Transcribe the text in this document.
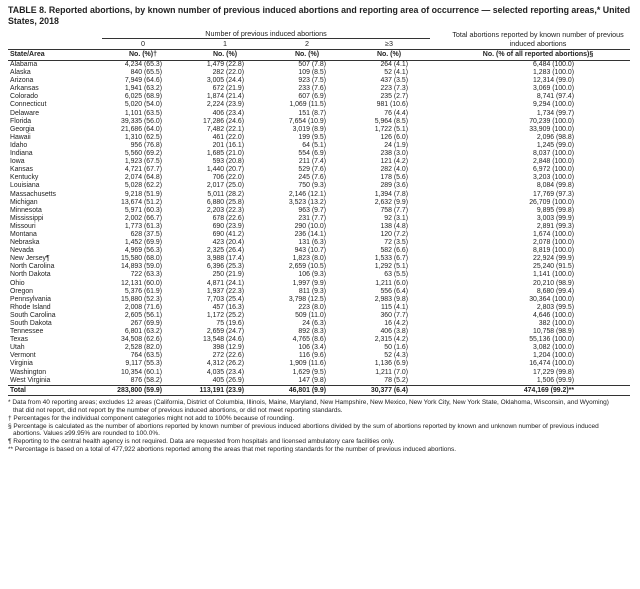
TABLE 8. Reported abortions, by known number of previous induced abortions and reporting area of occurrence — selected reporting areas,* United States, 2018
	Number of previous induced abortions					Total abortions reported by known number of previous induced abortions
	0	1	2	≥3		
State/Area	No. (%)†	No. (%)	No. (%)	No. (%)		No. (% of all reported abortions)§
Alabama	4,234 (65.3)	1,479 (22.8)	507 (7.8)	264 (4.1)		6,484 (100.0)
Alaska	840 (65.5)	282 (22.0)	109 (8.5)	52 (4.1)		1,283 (100.0)
Arizona	7,949 (64.6)	3,005 (24.4)	923 (7.5)	437 (3.5)		12,314 (99.0)
Arkansas	1,941 (63.2)	672 (21.9)	233 (7.6)	223 (7.3)		3,069 (100.0)
Colorado	6,025 (68.9)	1,874 (21.4)	607 (6.9)	235 (2.7)		8,741 (97.4)
Connecticut	5,020 (54.0)	2,224 (23.9)	1,069 (11.5)	981 (10.6)		9,294 (100.0)
Delaware	1,101 (63.5)	406 (23.4)	151 (8.7)	76 (4.4)		1,734 (99.7)
Florida	39,335 (56.0)	17,286 (24.6)	7,654 (10.9)	5,964 (8.5)		70,239 (100.0)
Georgia	21,686 (64.0)	7,482 (22.1)	3,019 (8.9)	1,722 (5.1)		33,909 (100.0)
Hawaii	1,310 (62.5)	461 (22.0)	199 (9.5)	126 (6.0)		2,096 (98.8)
Idaho	956 (76.8)	201 (16.1)	64 (5.1)	24 (1.9)		1,245 (99.0)
Indiana	5,560 (69.2)	1,685 (21.0)	554 (6.9)	238 (3.0)		8,037 (100.0)
Iowa	1,923 (67.5)	593 (20.8)	211 (7.4)	121 (4.2)		2,848 (100.0)
Kansas	4,721 (67.7)	1,440 (20.7)	529 (7.6)	282 (4.0)		6,972 (100.0)
Kentucky	2,074 (64.8)	706 (22.0)	245 (7.6)	178 (5.6)		3,203 (100.0)
Louisiana	5,028 (62.2)	2,017 (25.0)	750 (9.3)	289 (3.6)		8,084 (99.8)
Massachusetts	9,218 (51.9)	5,011 (28.2)	2,146 (12.1)	1,394 (7.8)		17,769 (97.3)
Michigan	13,674 (51.2)	6,880 (25.8)	3,523 (13.2)	2,632 (9.9)		26,709 (100.0)
Minnesota	5,971 (60.3)	2,203 (22.3)	963 (9.7)	758 (7.7)		9,895 (99.8)
Mississippi	2,002 (66.7)	678 (22.6)	231 (7.7)	92 (3.1)		3,003 (99.9)
Missouri	1,773 (61.3)	690 (23.9)	290 (10.0)	138 (4.8)		2,891 (99.3)
Montana	628 (37.5)	690 (41.2)	236 (14.1)	120 (7.2)		1,674 (100.0)
Nebraska	1,452 (69.9)	423 (20.4)	131 (6.3)	72 (3.5)		2,078 (100.0)
Nevada	4,969 (56.3)	2,325 (26.4)	943 (10.7)	582 (6.6)		8,819 (100.0)
New Jersey¶	15,580 (68.0)	3,988 (17.4)	1,823 (8.0)	1,533 (6.7)		22,924 (99.9)
North Carolina	14,893 (59.0)	6,396 (25.3)	2,659 (10.5)	1,292 (5.1)		25,240 (91.5)
North Dakota	722 (63.3)	250 (21.9)	106 (9.3)	63 (5.5)		1,141 (100.0)
Ohio	12,131 (60.0)	4,871 (24.1)	1,997 (9.9)	1,211 (6.0)		20,210 (98.9)
Oregon	5,376 (61.9)	1,937 (22.3)	811 (9.3)	556 (6.4)		8,680 (99.4)
Pennsylvania	15,880 (52.3)	7,703 (25.4)	3,798 (12.5)	2,983 (9.8)		30,364 (100.0)
Rhode Island	2,008 (71.6)	457 (16.3)	223 (8.0)	115 (4.1)		2,803 (99.5)
South Carolina	2,605 (56.1)	1,172 (25.2)	509 (11.0)	360 (7.7)		4,646 (100.0)
South Dakota	267 (69.9)	75 (19.6)	24 (6.3)	16 (4.2)		382 (100.0)
Tennessee	6,801 (63.2)	2,659 (24.7)	892 (8.3)	406 (3.8)		10,758 (98.9)
Texas	34,508 (62.6)	13,548 (24.6)	4,765 (8.6)	2,315 (4.2)		55,136 (100.0)
Utah	2,528 (82.0)	398 (12.9)	106 (3.4)	50 (1.6)		3,082 (100.0)
Vermont	764 (63.5)	272 (22.6)	116 (9.6)	52 (4.3)		1,204 (100.0)
Virginia	9,117 (55.3)	4,312 (26.2)	1,909 (11.6)	1,136 (6.9)		16,474 (100.0)
Washington	10,354 (60.1)	4,035 (23.4)	1,629 (9.5)	1,211 (7.0)		17,229 (99.8)
West Virginia	876 (58.2)	405 (26.9)	147 (9.8)	78 (5.2)		1,506 (99.9)
Total	283,800 (59.9)	113,191 (23.9)	46,801 (9.9)	30,377 (6.4)		474,169 (99.2)**

* Data from 40 reporting areas; excludes 12 areas (California, District of Columbia, Illinois, Maine, Maryland, New Hampshire, New Mexico, New York City, New York State, Oklahoma, Wisconsin, and Wyoming) that did not report, did not report by the number of previous induced abortions, or did not meet reporting standards.

† Percentages for the individual component categories might not add to 100% because of rounding.

§ Percentage is calculated as the number of abortions reported by known number of previous induced abortions divided by the sum of abortions reported by known and unknown number of previous induced abortions. Values ≥99.95% are rounded to 100.0%.

¶ Reporting to the central health agency is not required. Data are requested from hospitals and licensed ambulatory care facilities only.

** Percentage is based on a total of 477,922 abortions reported among the areas that met reporting standards for the number of previous induced abortions.
